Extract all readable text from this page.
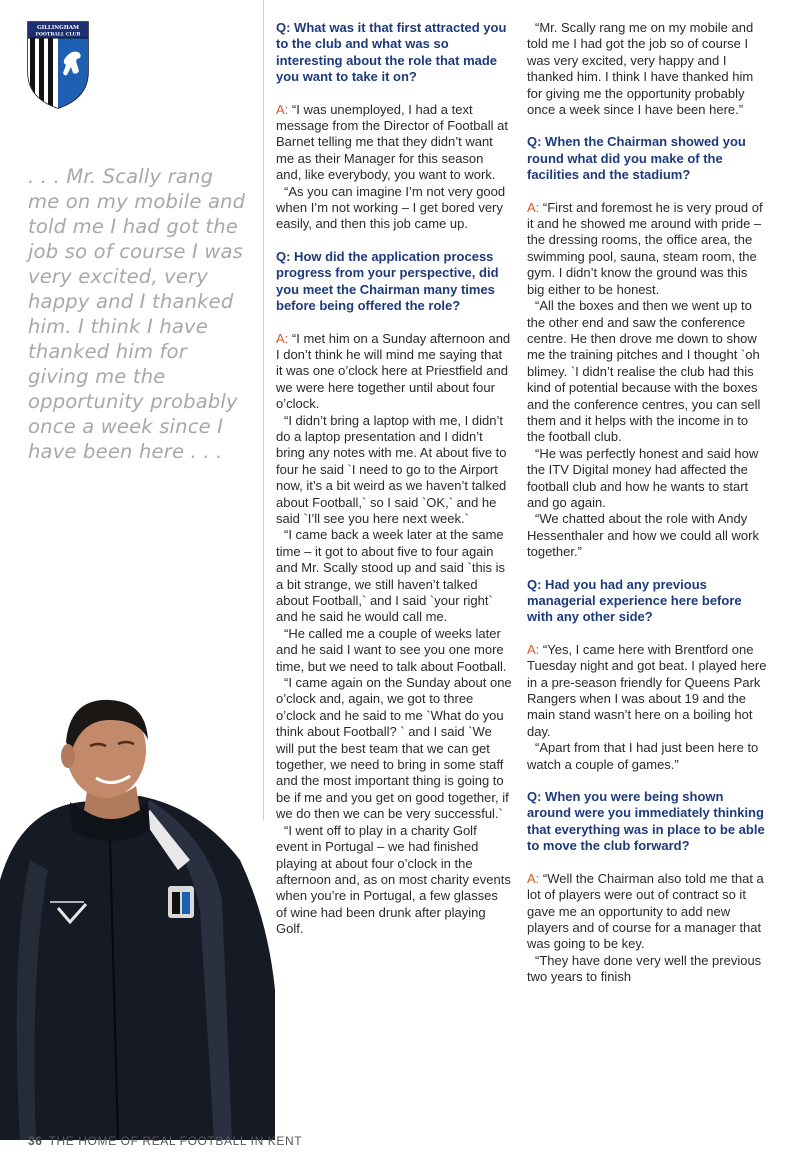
GILLINGHAM
FOOTBALL CLUB
. . . Mr. Scally rang me on my mobile and told me I had got the job so of course I was very excited, very happy and I thanked him. I think I have thanked him for giving me the opportunity probably once a week since I have been here . . .

Q: What was it that first attracted you to the club and what was so interesting about the role that made you want to take it on?

A: “I was unemployed, I had a text message from the Director of Football at Barnet telling me that they didn’t want me as their Manager for this season and, like everybody, you want to work.

“As you can imagine I’m not very good when I’m not working – I get bored very easily, and then this job came up.

Q: How did the application process progress from your perspective, did you meet the Chairman many times before being offered the role?

A: “I met him on a Sunday afternoon and I don’t think he will mind me saying that it was one o’clock here at Priestfield and we were here together until about four o’clock.

“I didn’t bring a laptop with me, I didn’t do a laptop presentation and I didn’t bring any notes with me. At about five to four he said `I need to go to the Airport now, it’s a bit weird as we haven’t talked about Football,` so I said `OK,` and he said `I’ll see you here next week.`

“I came back a week later at the same time – it got to about five to four again and Mr. Scally stood up and said `this is a bit strange, we still haven’t talked about Football,` and I said `your right` and he said he would call me.

“He called me a couple of weeks later and he said I want to see you one more time, but we need to talk about Football.

“I came again on the Sunday about one o’clock and, again, we got to three o’clock and he said to me `What do you think about Football? ` and I said `We will put the best team that we can get together, we need to bring in some staff and the most important thing is going to be if me and you get on good together, if we do then we can be very successful.`

“I went off to play in a charity Golf event in Portugal – we had finished playing at about four o’clock in the afternoon and, as on most charity events when you’re in Portugal, a few glasses of wine had been drunk after playing Golf.

“Mr. Scally rang me on my mobile and told me I had got the job so of course I was very excited, very happy and I thanked him. I think I have thanked him for giving me the opportunity probably once a week since I have been here.”

Q: When the Chairman showed you round what did you make of the facilities and the stadium?

A: “First and foremost he is very proud of it and he showed me around with pride – the dressing rooms, the office area, the swimming pool, sauna, steam room, the gym. I didn’t know the ground was this big either to be honest.

“All the boxes and then we went up to the other end and saw the conference centre. He then drove me down to show me the training pitches and I thought `oh blimey. `I didn’t realise the club had this kind of potential because with the boxes and the conference centres, you can sell them and it helps with the income in to the football club.

“He was perfectly honest and said how the ITV Digital money had affected the football club and how he wants to start and go again.

“We chatted about the role with Andy Hessenthaler and how we could all work together.”

Q: Had you had any previous managerial experience here before with any other side?

A: “Yes, I came here with Brentford one Tuesday night and got beat. I played here in a pre-season friendly for Queens Park Rangers when I was about 19 and the main stand wasn’t here on a boiling hot day.

“Apart from that I had just been here to watch a couple of games.”

Q: When you were being shown around were you immediately thinking that everything was in place to be able to move the club forward?

A: “Well the Chairman also told me that a lot of players were out of contract so it gave me an opportunity to add new players and of course for a manager that was going to be key.

“They have done very well the previous two years to finish

36 THE HOME OF REAL FOOTBALL IN KENT
